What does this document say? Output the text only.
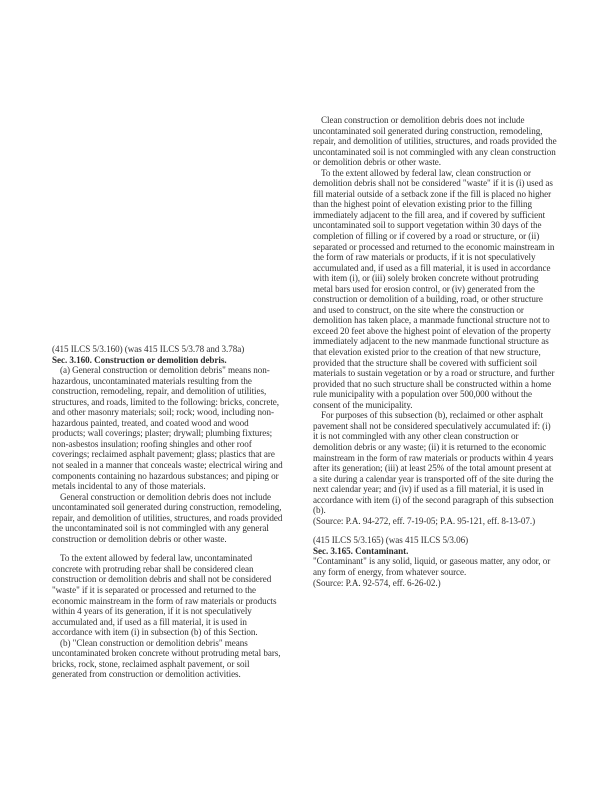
(415 ILCS 5/3.160) (was 415 ILCS 5/3.78 and 3.78a)
Sec. 3.160. Construction or demolition debris.
(a) General construction or demolition debris" means non-hazardous, uncontaminated materials resulting from the construction, remodeling, repair, and demolition of utilities, structures, and roads, limited to the following: bricks, concrete, and other masonry materials; soil; rock; wood, including non-hazardous painted, treated, and coated wood and wood products; wall coverings; plaster; drywall; plumbing fixtures; non-asbestos insulation; roofing shingles and other roof coverings; reclaimed asphalt pavement; glass; plastics that are not sealed in a manner that conceals waste; electrical wiring and components containing no hazardous substances; and piping or metals incidental to any of those materials.
General construction or demolition debris does not include uncontaminated soil generated during construction, remodeling, repair, and demolition of utilities, structures, and roads provided the uncontaminated soil is not commingled with any general construction or demolition debris or other waste.
To the extent allowed by federal law, uncontaminated concrete with protruding rebar shall be considered clean construction or demolition debris and shall not be considered "waste" if it is separated or processed and returned to the economic mainstream in the form of raw materials or products within 4 years of its generation, if it is not speculatively accumulated and, if used as a fill material, it is used in accordance with item (i) in subsection (b) of this Section.
(b) "Clean construction or demolition debris" means uncontaminated broken concrete without protruding metal bars, bricks, rock, stone, reclaimed asphalt pavement, or soil generated from construction or demolition activities.
Clean construction or demolition debris does not include uncontaminated soil generated during construction, remodeling, repair, and demolition of utilities, structures, and roads provided the uncontaminated soil is not commingled with any clean construction or demolition debris or other waste.
To the extent allowed by federal law, clean construction or demolition debris shall not be considered "waste" if it is (i) used as fill material outside of a setback zone if the fill is placed no higher than the highest point of elevation existing prior to the filling immediately adjacent to the fill area, and if covered by sufficient uncontaminated soil to support vegetation within 30 days of the completion of filling or if covered by a road or structure, or (ii) separated or processed and returned to the economic mainstream in the form of raw materials or products, if it is not speculatively accumulated and, if used as a fill material, it is used in accordance with item (i), or (iii) solely broken concrete without protruding metal bars used for erosion control, or (iv) generated from the construction or demolition of a building, road, or other structure and used to construct, on the site where the construction or demolition has taken place, a manmade functional structure not to exceed 20 feet above the highest point of elevation of the property immediately adjacent to the new manmade functional structure as that elevation existed prior to the creation of that new structure, provided that the structure shall be covered with sufficient soil materials to sustain vegetation or by a road or structure, and further provided that no such structure shall be constructed within a home rule municipality with a population over 500,000 without the consent of the municipality.
For purposes of this subsection (b), reclaimed or other asphalt pavement shall not be considered speculatively accumulated if: (i) it is not commingled with any other clean construction or demolition debris or any waste; (ii) it is returned to the economic mainstream in the form of raw materials or products within 4 years after its generation; (iii) at least 25% of the total amount present at a site during a calendar year is transported off of the site during the next calendar year; and (iv) if used as a fill material, it is used in accordance with item (i) of the second paragraph of this subsection (b).
(Source: P.A. 94-272, eff. 7-19-05; P.A. 95-121, eff. 8-13-07.)
(415 ILCS 5/3.165) (was 415 ILCS 5/3.06)
Sec. 3.165. Contaminant.
"Contaminant" is any solid, liquid, or gaseous matter, any odor, or any form of energy, from whatever source.
(Source: P.A. 92-574, eff. 6-26-02.)
